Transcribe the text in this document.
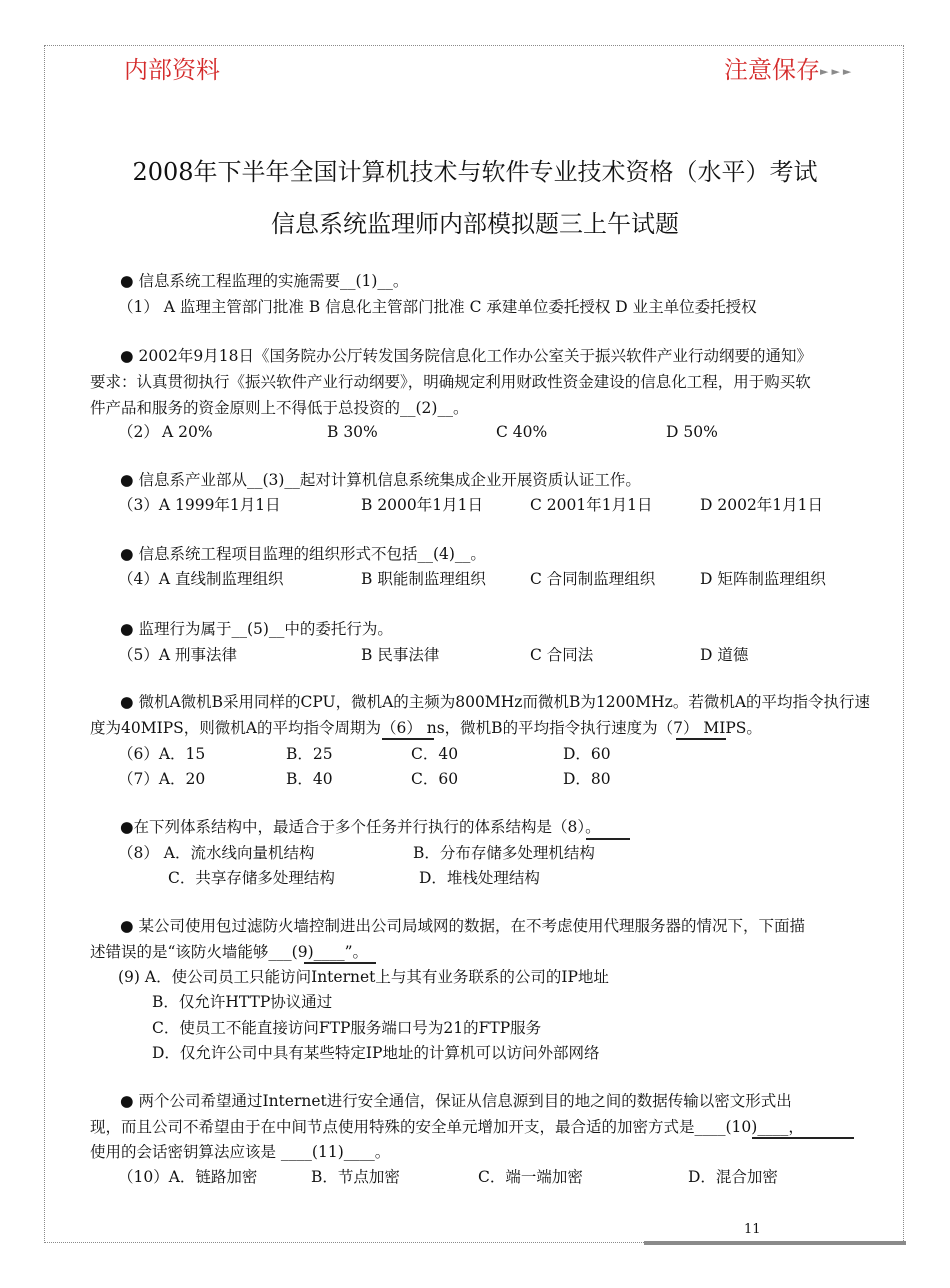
内部资料	注意保存►►►
2008年下半年全国计算机技术与软件专业技术资格（水平）考试
信息系统监理师内部模拟题三上午试题
● 信息系统工程监理的实施需要__(1)__。
（1） A 监理主管部门批准 B 信息化主管部门批准 C 承建单位委托授权 D 业主单位委托授权
● 2002年9月18日《国务院办公厅转发国务院信息化工作办公室关于振兴软件产业行动纲要的通知》
要求：认真贯彻执行《振兴软件产业行动纲要》，明确规定利用财政性资金建设的信息化工程，用于购买软
件产品和服务的资金原则上不得低于总投资的__(2)__。
（2） A 20%	B 30%	C 40%	D 50%
● 信息系产业部从__(3)__起对计算机信息系统集成企业开展资质认证工作。
（3）A 1999年1月1日	B 2000年1月1日	C 2001年1月1日	D 2002年1月1日
● 信息系统工程项目监理的组织形式不包括__(4)__。
（4）A 直线制监理组织	B 职能制监理组织	C 合同制监理组织	D 矩阵制监理组织
● 监理行为属于__(5)__中的委托行为。
（5）A 刑事法律	B 民事法律	C 合同法	D 道德
● 微机A微机B采用同样的CPU，微机A的主频为800MHz而微机B为1200MHz。若微机A的平均指令执行速
度为40MIPS，则微机A的平均指令周期为（6） ns，微机B的平均指令执行速度为（7） MIPS。
（6）A．15	B．25	C．40	D．60
（7）A．20	B．40	C．60	D．80
●在下列体系结构中，最适合于多个任务并行执行的体系结构是（8）。
（8） A．流水线向量机结构	B．分布存储多处理机结构
C．共享存储多处理结构	D．堆栈处理结构
● 某公司使用包过滤防火墙控制进出公司局域网的数据，在不考虑使用代理服务器的情况下，下面描
述错误的是“该防火墙能够___(9)____”。
(9) A．使公司员工只能访问Internet上与其有业务联系的公司的IP地址
B．仅允许HTTP协议通过
C．使员工不能直接访问FTP服务端口号为21的FTP服务
D．仅允许公司中具有某些特定IP地址的计算机可以访问外部网络
● 两个公司希望通过Internet进行安全通信，保证从信息源到目的地之间的数据传输以密文形式出
现，而且公司不希望由于在中间节点使用特殊的安全单元增加开支，最合适的加密方式是____(10)____，
使用的会话密钥算法应该是 ____(11)____。
（10）A．链路加密	B．节点加密	C．端一端加密	D．混合加密
11
